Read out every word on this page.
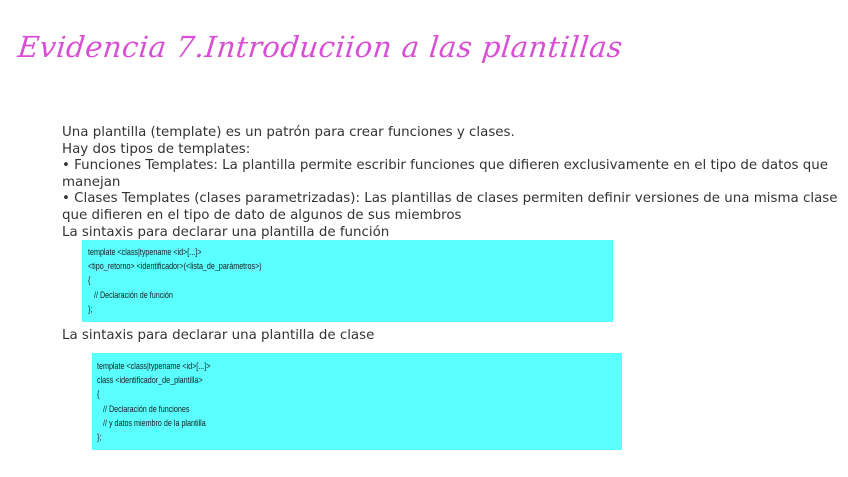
Evidencia 7.Introduciion a las plantillas
Una plantilla (template) es un patrón para crear funciones y clases.
Hay dos tipos de templates:
• Funciones Templates: La plantilla permite escribir funciones que difieren exclusivamente en el tipo de datos que
manejan
• Clases Templates (clases parametrizadas): Las plantillas de clases permiten definir versiones de una misma clase
que difieren en el tipo de dato de algunos de sus miembros
La sintaxis para declarar una plantilla de función
template <class|typename <id>[...]>
<tipo_retorno> <identificador>(<lista_de_parámetros>)
{
// Declaración de función
};
La sintaxis para declarar una plantilla de clase
template <class|typename <id>[...]>
class <identificador_de_plantilla>
{
// Declaración de funciones
// y datos miembro de la plantilla
};
